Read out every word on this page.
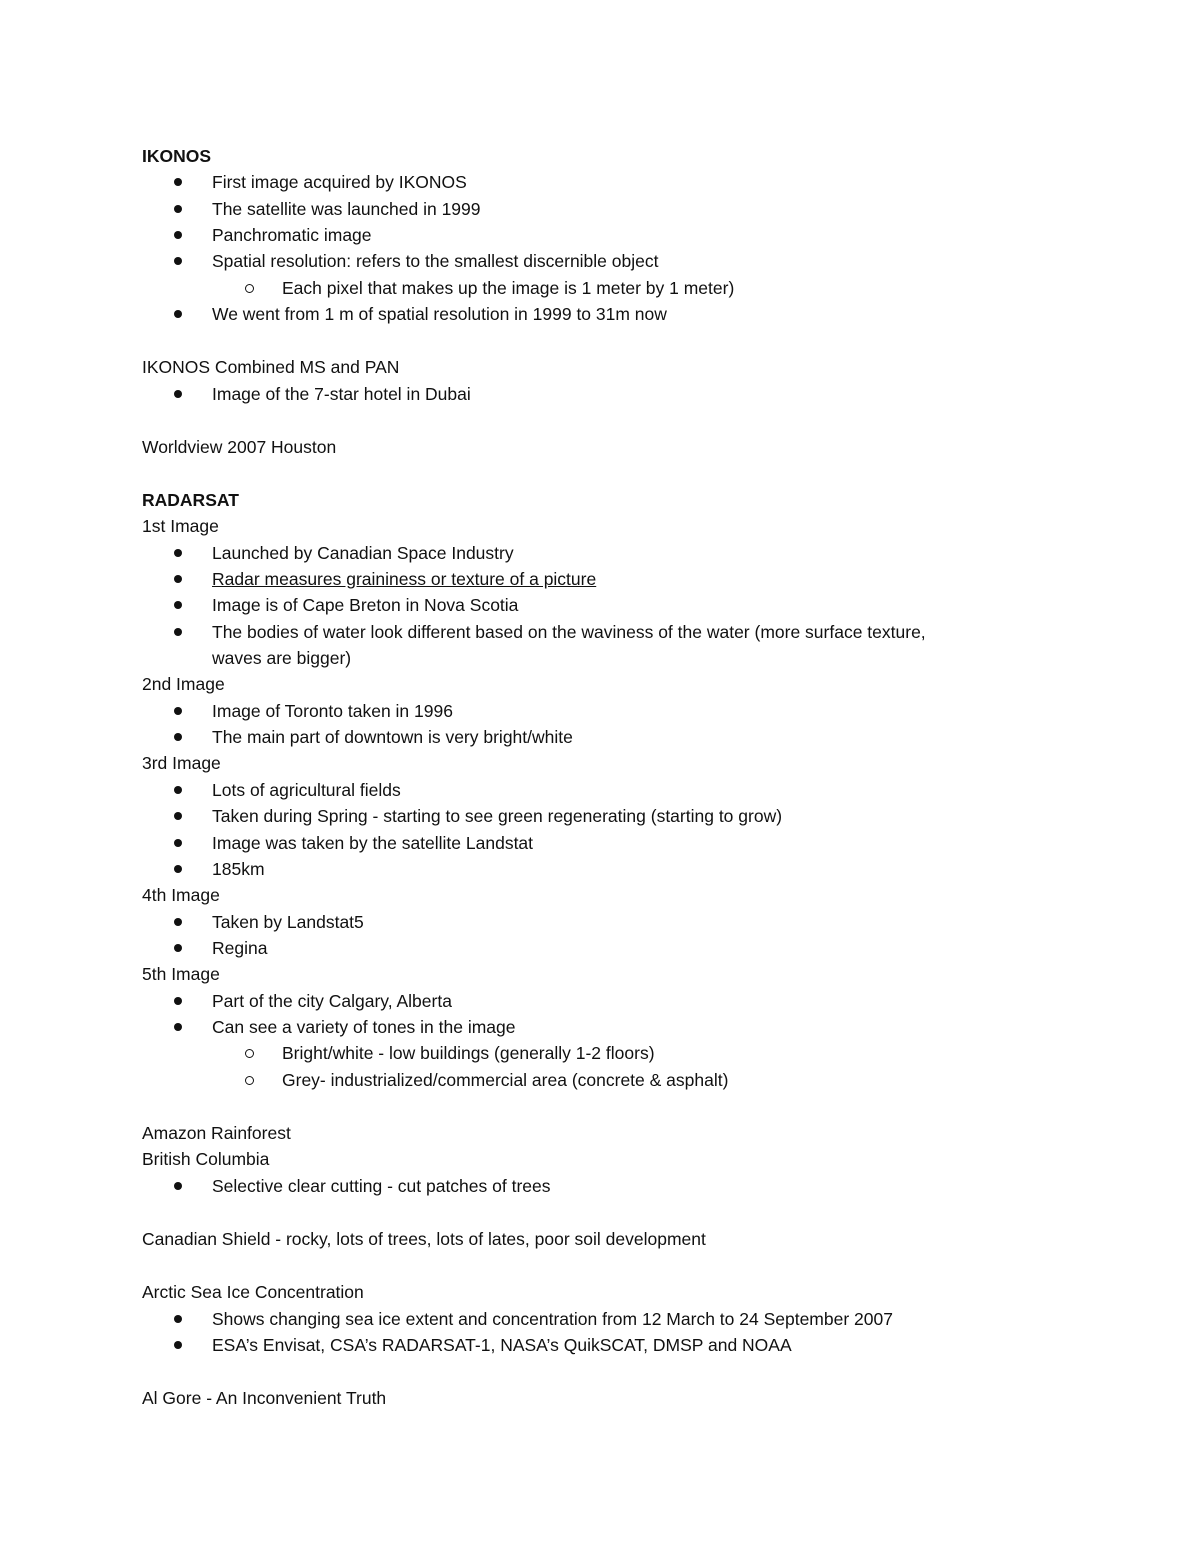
IKONOS
First image acquired by IKONOS
The satellite was launched in 1999
Panchromatic image
Spatial resolution: refers to the smallest discernible object
Each pixel that makes up the image is 1 meter by 1 meter)
We went from 1 m of spatial resolution in 1999 to 31m now
IKONOS Combined MS and PAN
Image of the 7-star hotel in Dubai
Worldview 2007 Houston
RADARSAT
1st Image
Launched by Canadian Space Industry
Radar measures graininess or texture of a picture
Image is of Cape Breton in Nova Scotia
The bodies of water look different based on the waviness of the water (more surface texture,
waves are bigger)
2nd Image
Image of Toronto taken in 1996
The main part of downtown is very bright/white
3rd Image
Lots of agricultural fields
Taken during Spring - starting to see green regenerating (starting to grow)
Image was taken by the satellite Landstat
185km
4th Image
Taken by Landstat5
Regina
5th Image
Part of the city Calgary, Alberta
Can see a variety of tones in the image
Bright/white - low buildings (generally 1-2 floors)
Grey- industrialized/commercial area (concrete & asphalt)
Amazon Rainforest
British Columbia
Selective clear cutting - cut patches of trees
Canadian Shield - rocky, lots of trees, lots of lates, poor soil development
Arctic Sea Ice Concentration
Shows changing sea ice extent and concentration from 12 March to 24 September 2007
ESA’s Envisat, CSA’s RADARSAT-1, NASA’s QuikSCAT, DMSP and NOAA
Al Gore - An Inconvenient Truth
